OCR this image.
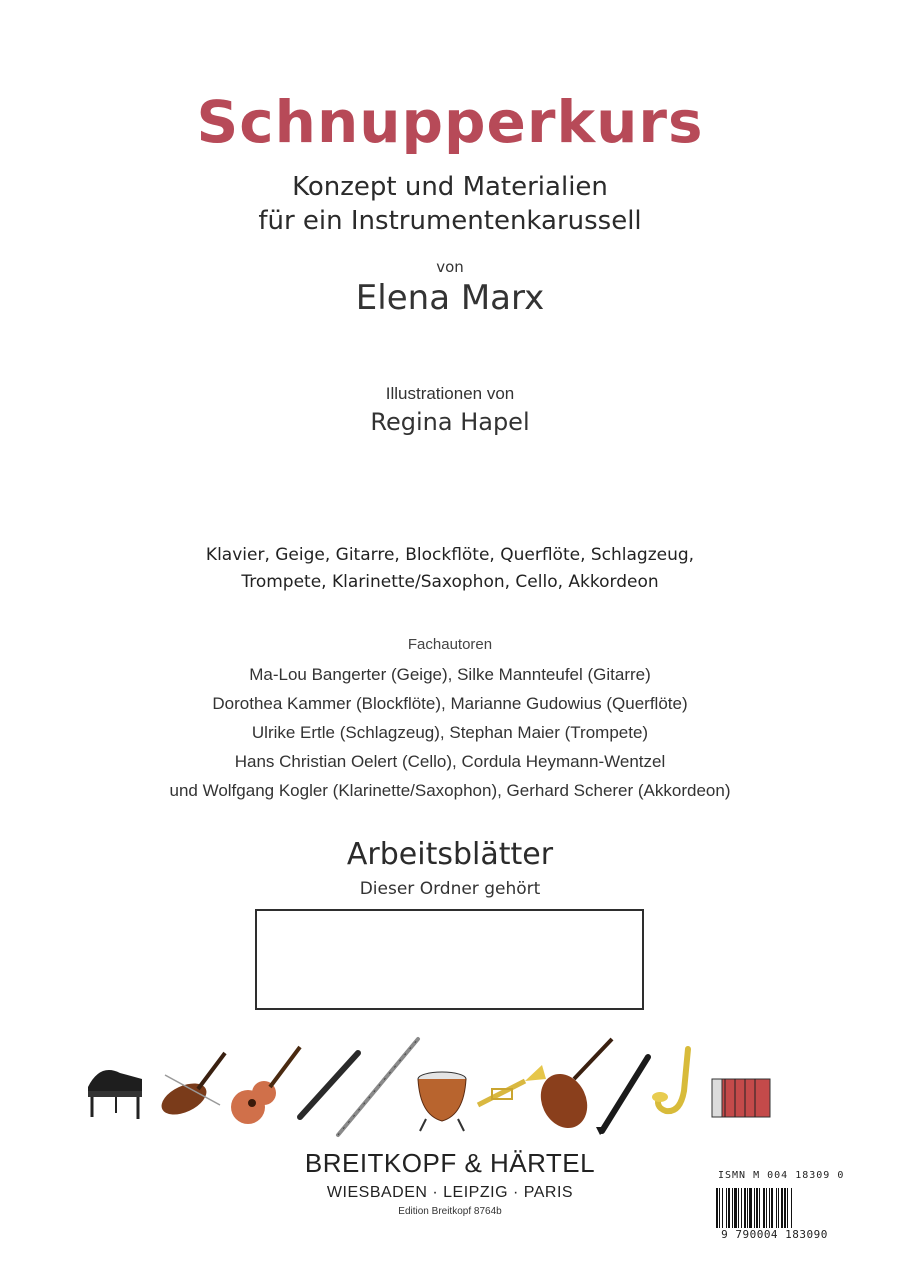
Schnupperkurs
Konzept und Materialien
für ein Instrumentenkarussell
von
Elena Marx
Illustrationen von
Regina Hapel
Klavier, Geige, Gitarre, Blockflöte, Querflöte, Schlagzeug,
Trompete, Klarinette/Saxophon, Cello, Akkordeon
Fachautoren
Ma-Lou Bangerter (Geige), Silke Mannteufel (Gitarre)
Dorothea Kammer (Blockflöte), Marianne Gudowius (Querflöte)
Ulrike Ertle (Schlagzeug), Stephan Maier (Trompete)
Hans Christian Oelert (Cello), Cordula Heymann-Wentzel
und Wolfgang Kogler (Klarinette/Saxophon), Gerhard Scherer (Akkordeon)
Arbeitsblätter
Dieser Ordner gehört
BREITKOPF & HÄRTEL
WIESBADEN · LEIPZIG · PARIS
Edition Breitkopf 8764b
ISMN M 004 18309 0
9 790004 183090
